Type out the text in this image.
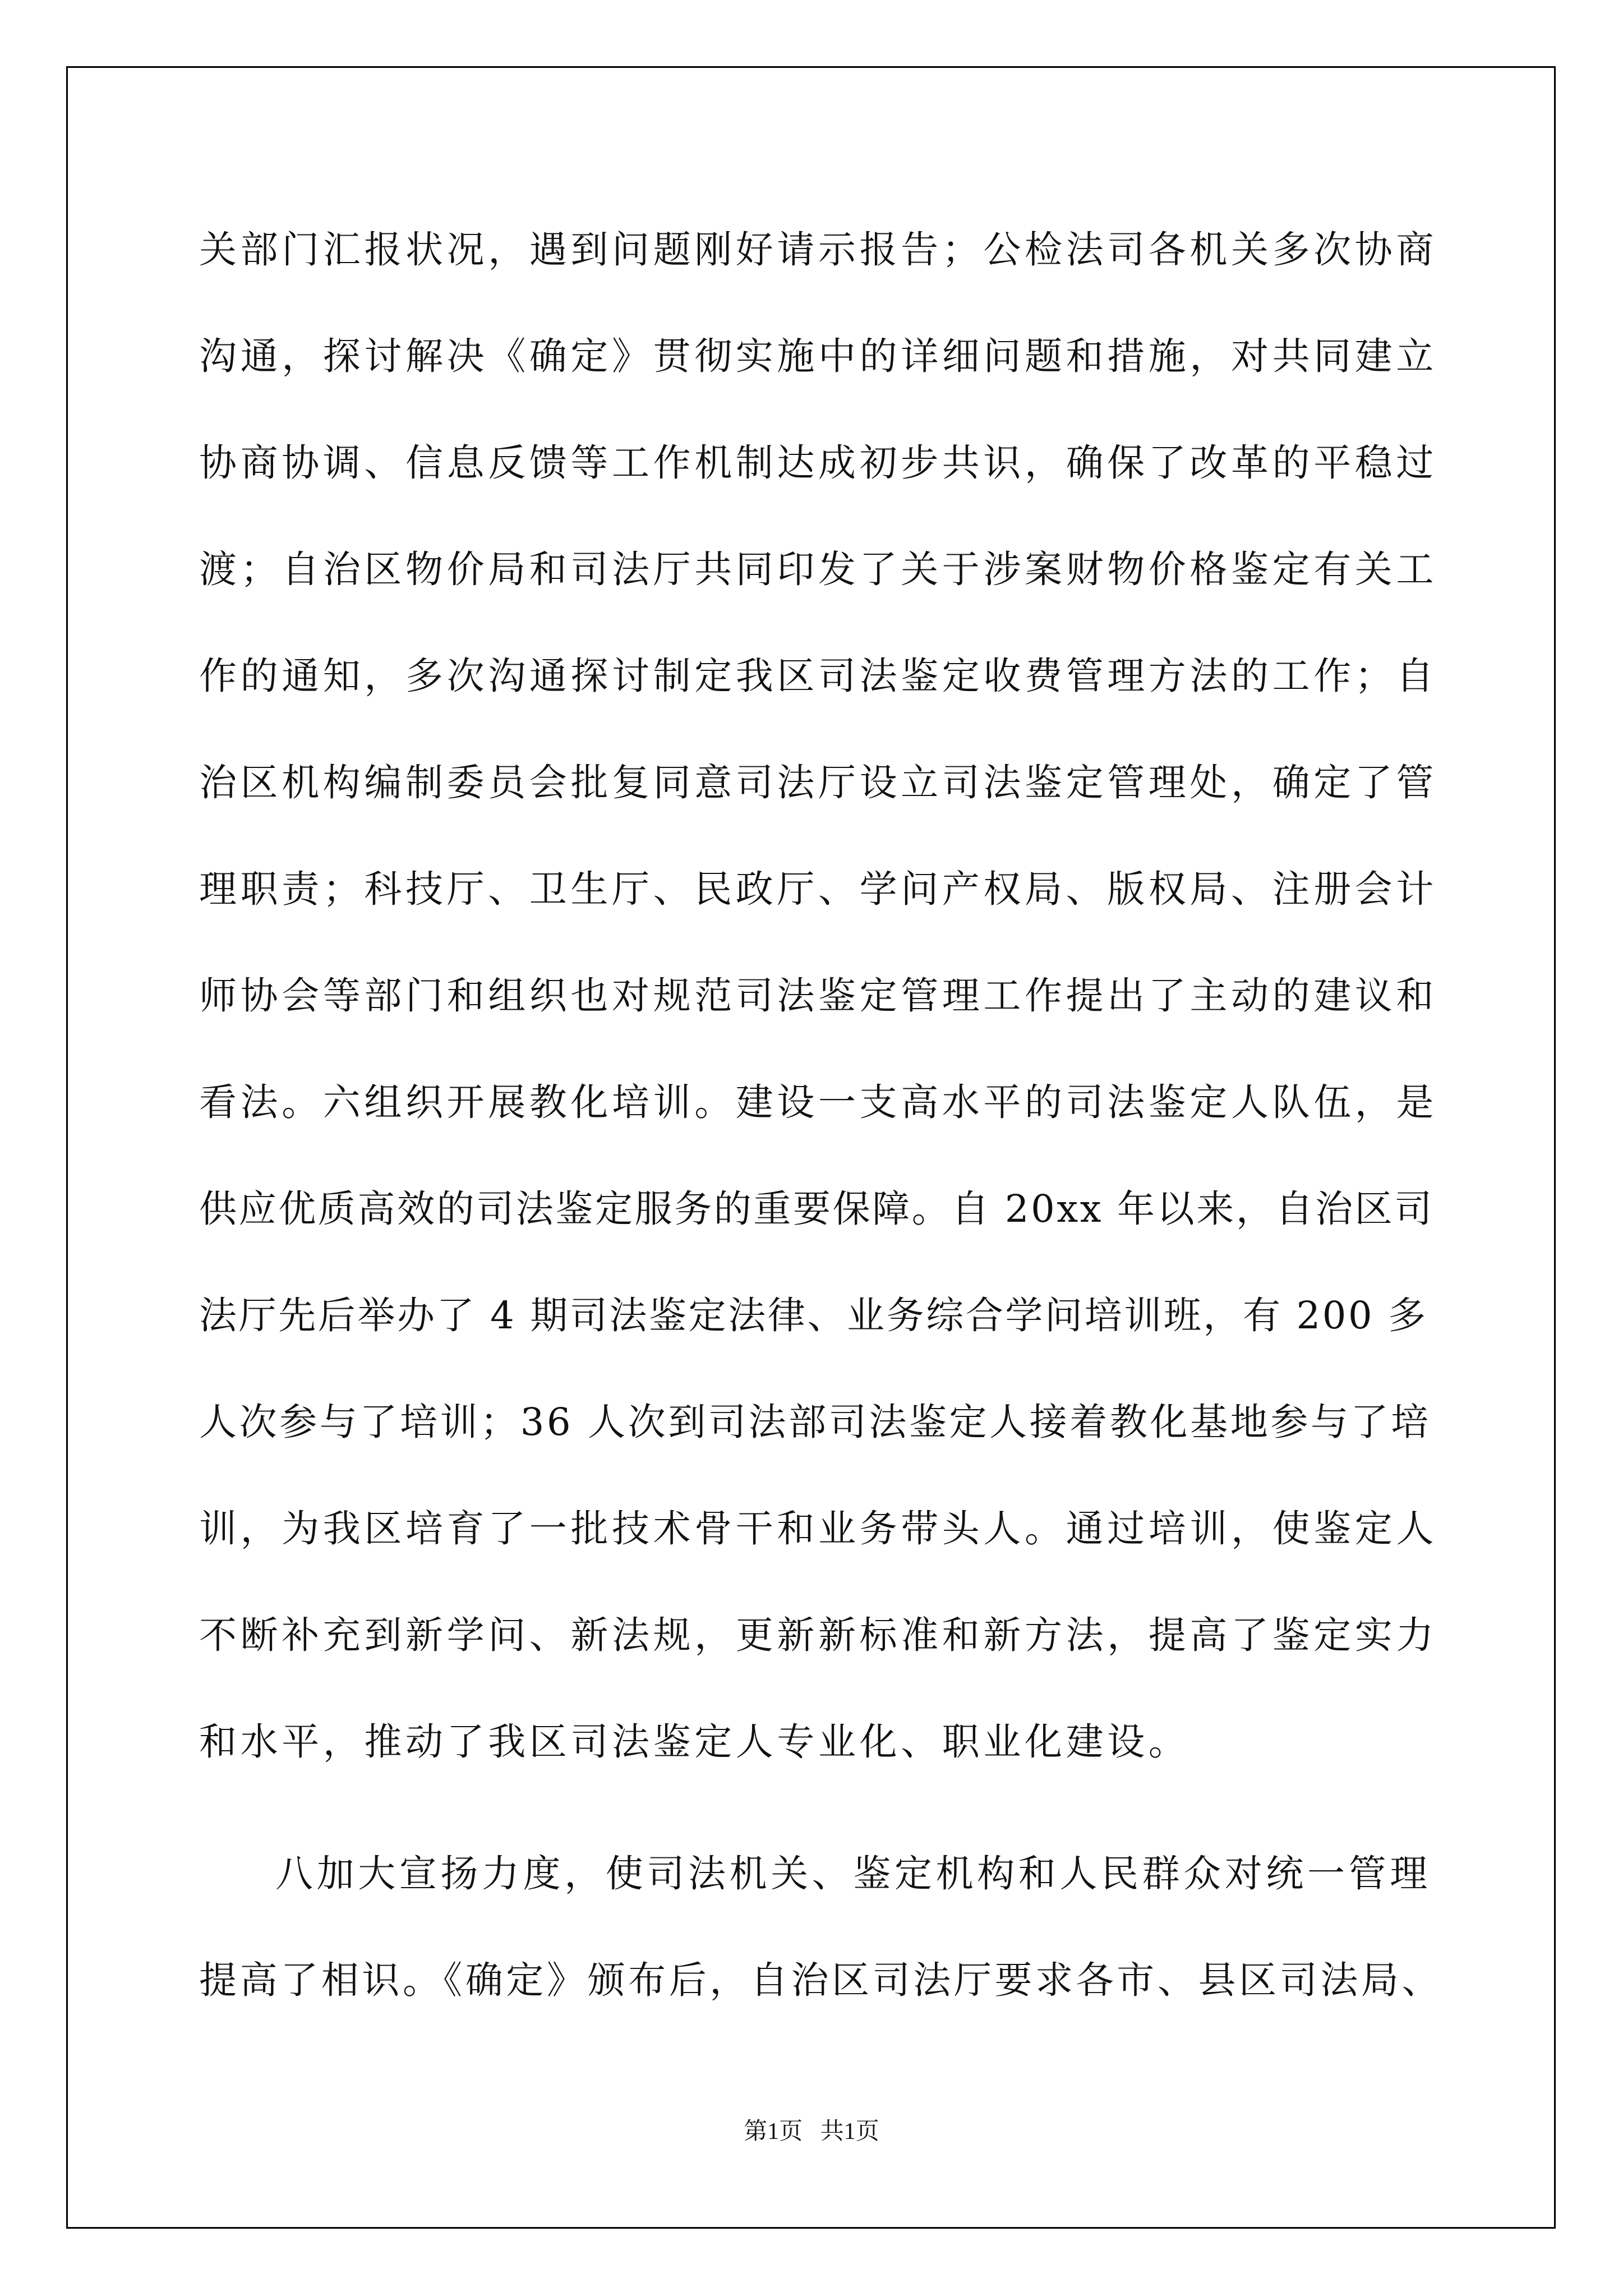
关部门汇报状况，遇到问题刚好请示报告；公检法司各机关多次协商
沟通，探讨解决《确定》贯彻实施中的详细问题和措施，对共同建立
协商协调、信息反馈等工作机制达成初步共识，确保了改革的平稳过
渡；自治区物价局和司法厅共同印发了关于涉案财物价格鉴定有关工
作的通知，多次沟通探讨制定我区司法鉴定收费管理方法的工作；自
治区机构编制委员会批复同意司法厅设立司法鉴定管理处，确定了管
理职责；科技厅、卫生厅、民政厅、学问产权局、版权局、注册会计
师协会等部门和组织也对规范司法鉴定管理工作提出了主动的建议和
看法。六组织开展教化培训。建设一支高水平的司法鉴定人队伍，是
供应优质高效的司法鉴定服务的重要保障。自 20xx 年以来，自治区司
法厅先后举办了 4 期司法鉴定法律、业务综合学问培训班，有 200 多
人次参与了培训；36 人次到司法部司法鉴定人接着教化基地参与了培
训，为我区培育了一批技术骨干和业务带头人。通过培训，使鉴定人
不断补充到新学问、新法规，更新新标准和新方法，提高了鉴定实力
和水平，推动了我区司法鉴定人专业化、职业化建设。
八加大宣扬力度，使司法机关、鉴定机构和人民群众对统一管理
提高了相识。《确定》颁布后，自治区司法厅要求各市、县区司法局、
第1页   共1页
